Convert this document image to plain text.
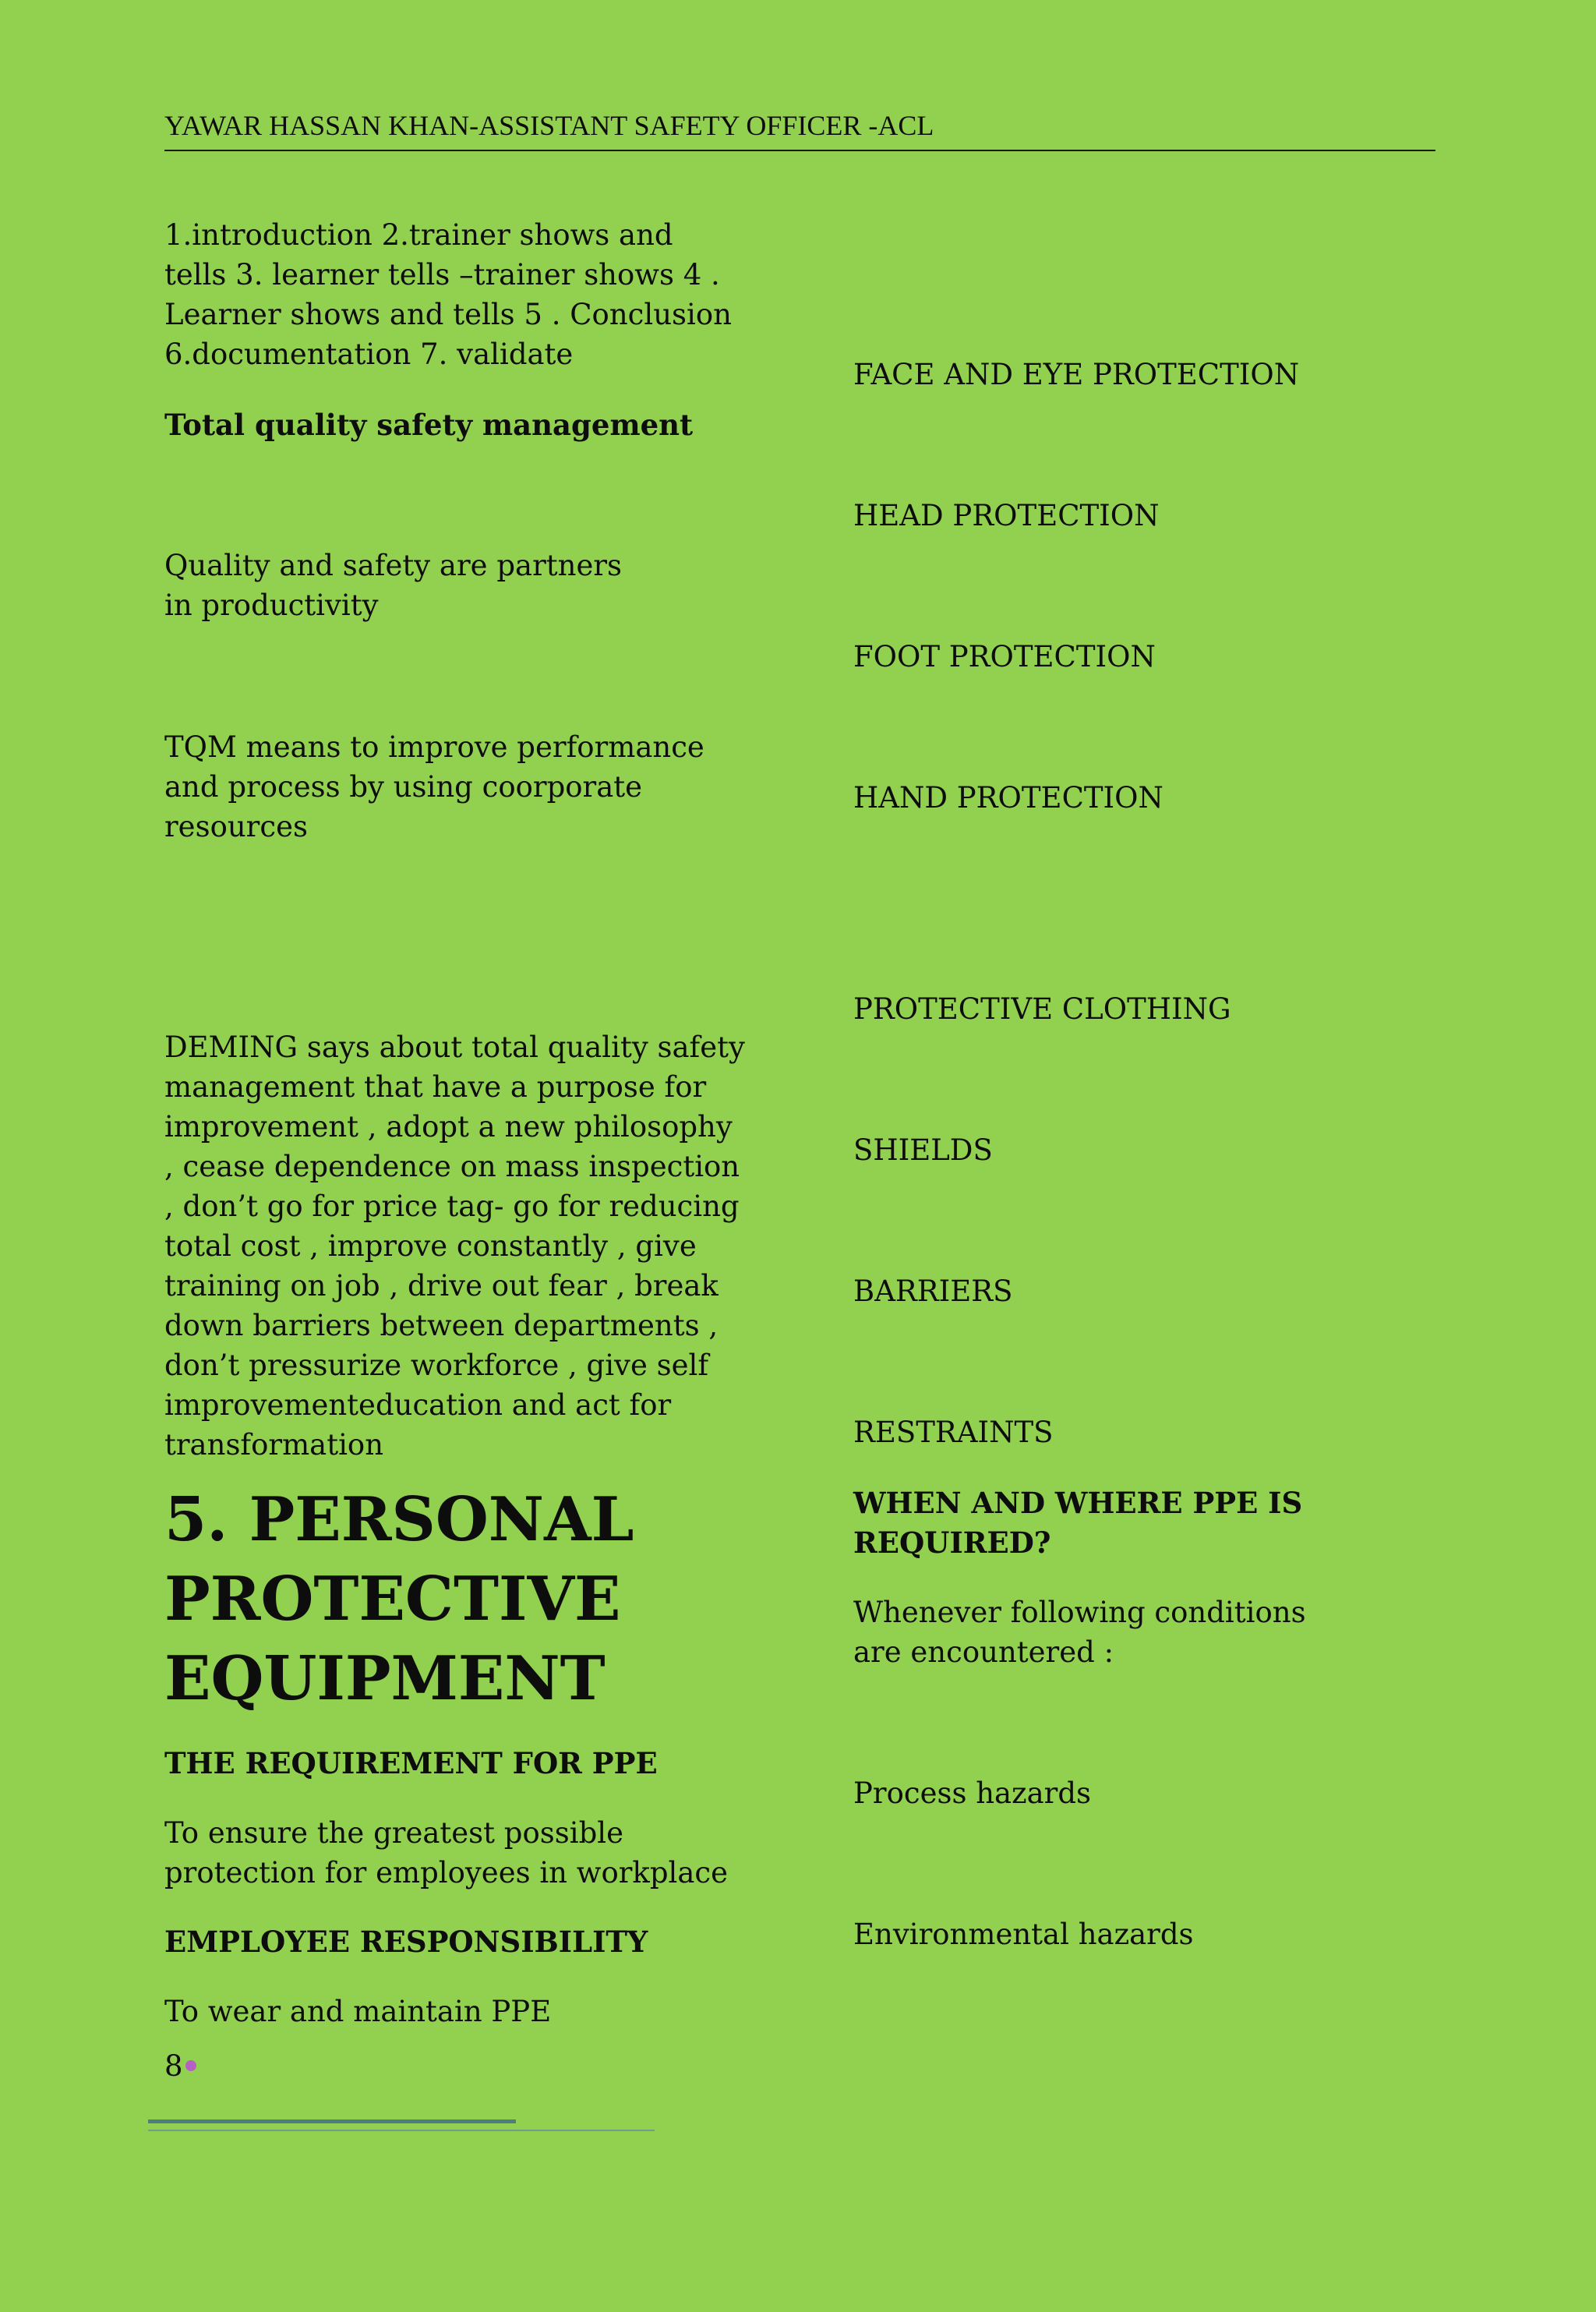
YAWAR HASSAN KHAN-ASSISTANT SAFETY OFFICER -ACL

1.introduction 2.trainer shows and tells 3. learner tells –trainer shows 4 . Learner shows and tells 5 . Conclusion 6.documentation 7. validate

Total quality safety management

Quality and safety are partners in productivity

TQM means to improve performance and process by using coorporate resources

DEMING says about total quality safety management that have a purpose for improvement , adopt a new philosophy , cease dependence on mass inspection , don’t go for price tag- go for reducing total cost , improve constantly , give training on job , drive out fear , break down barriers between departments , don’t pressurize workforce , give self improvementeducation and act for transformation

5. PERSONAL PROTECTIVE EQUIPMENT

THE REQUIREMENT FOR PPE

To ensure the greatest possible protection for employees in workplace

EMPLOYEE RESPONSIBILITY

To wear and maintain PPE

FACE AND EYE PROTECTION

HEAD PROTECTION

FOOT PROTECTION

HAND PROTECTION

PROTECTIVE CLOTHING

SHIELDS

BARRIERS

RESTRAINTS

WHEN AND WHERE PPE IS REQUIRED?

Whenever following conditions are encountered :

Process hazards

Environmental hazards

8
